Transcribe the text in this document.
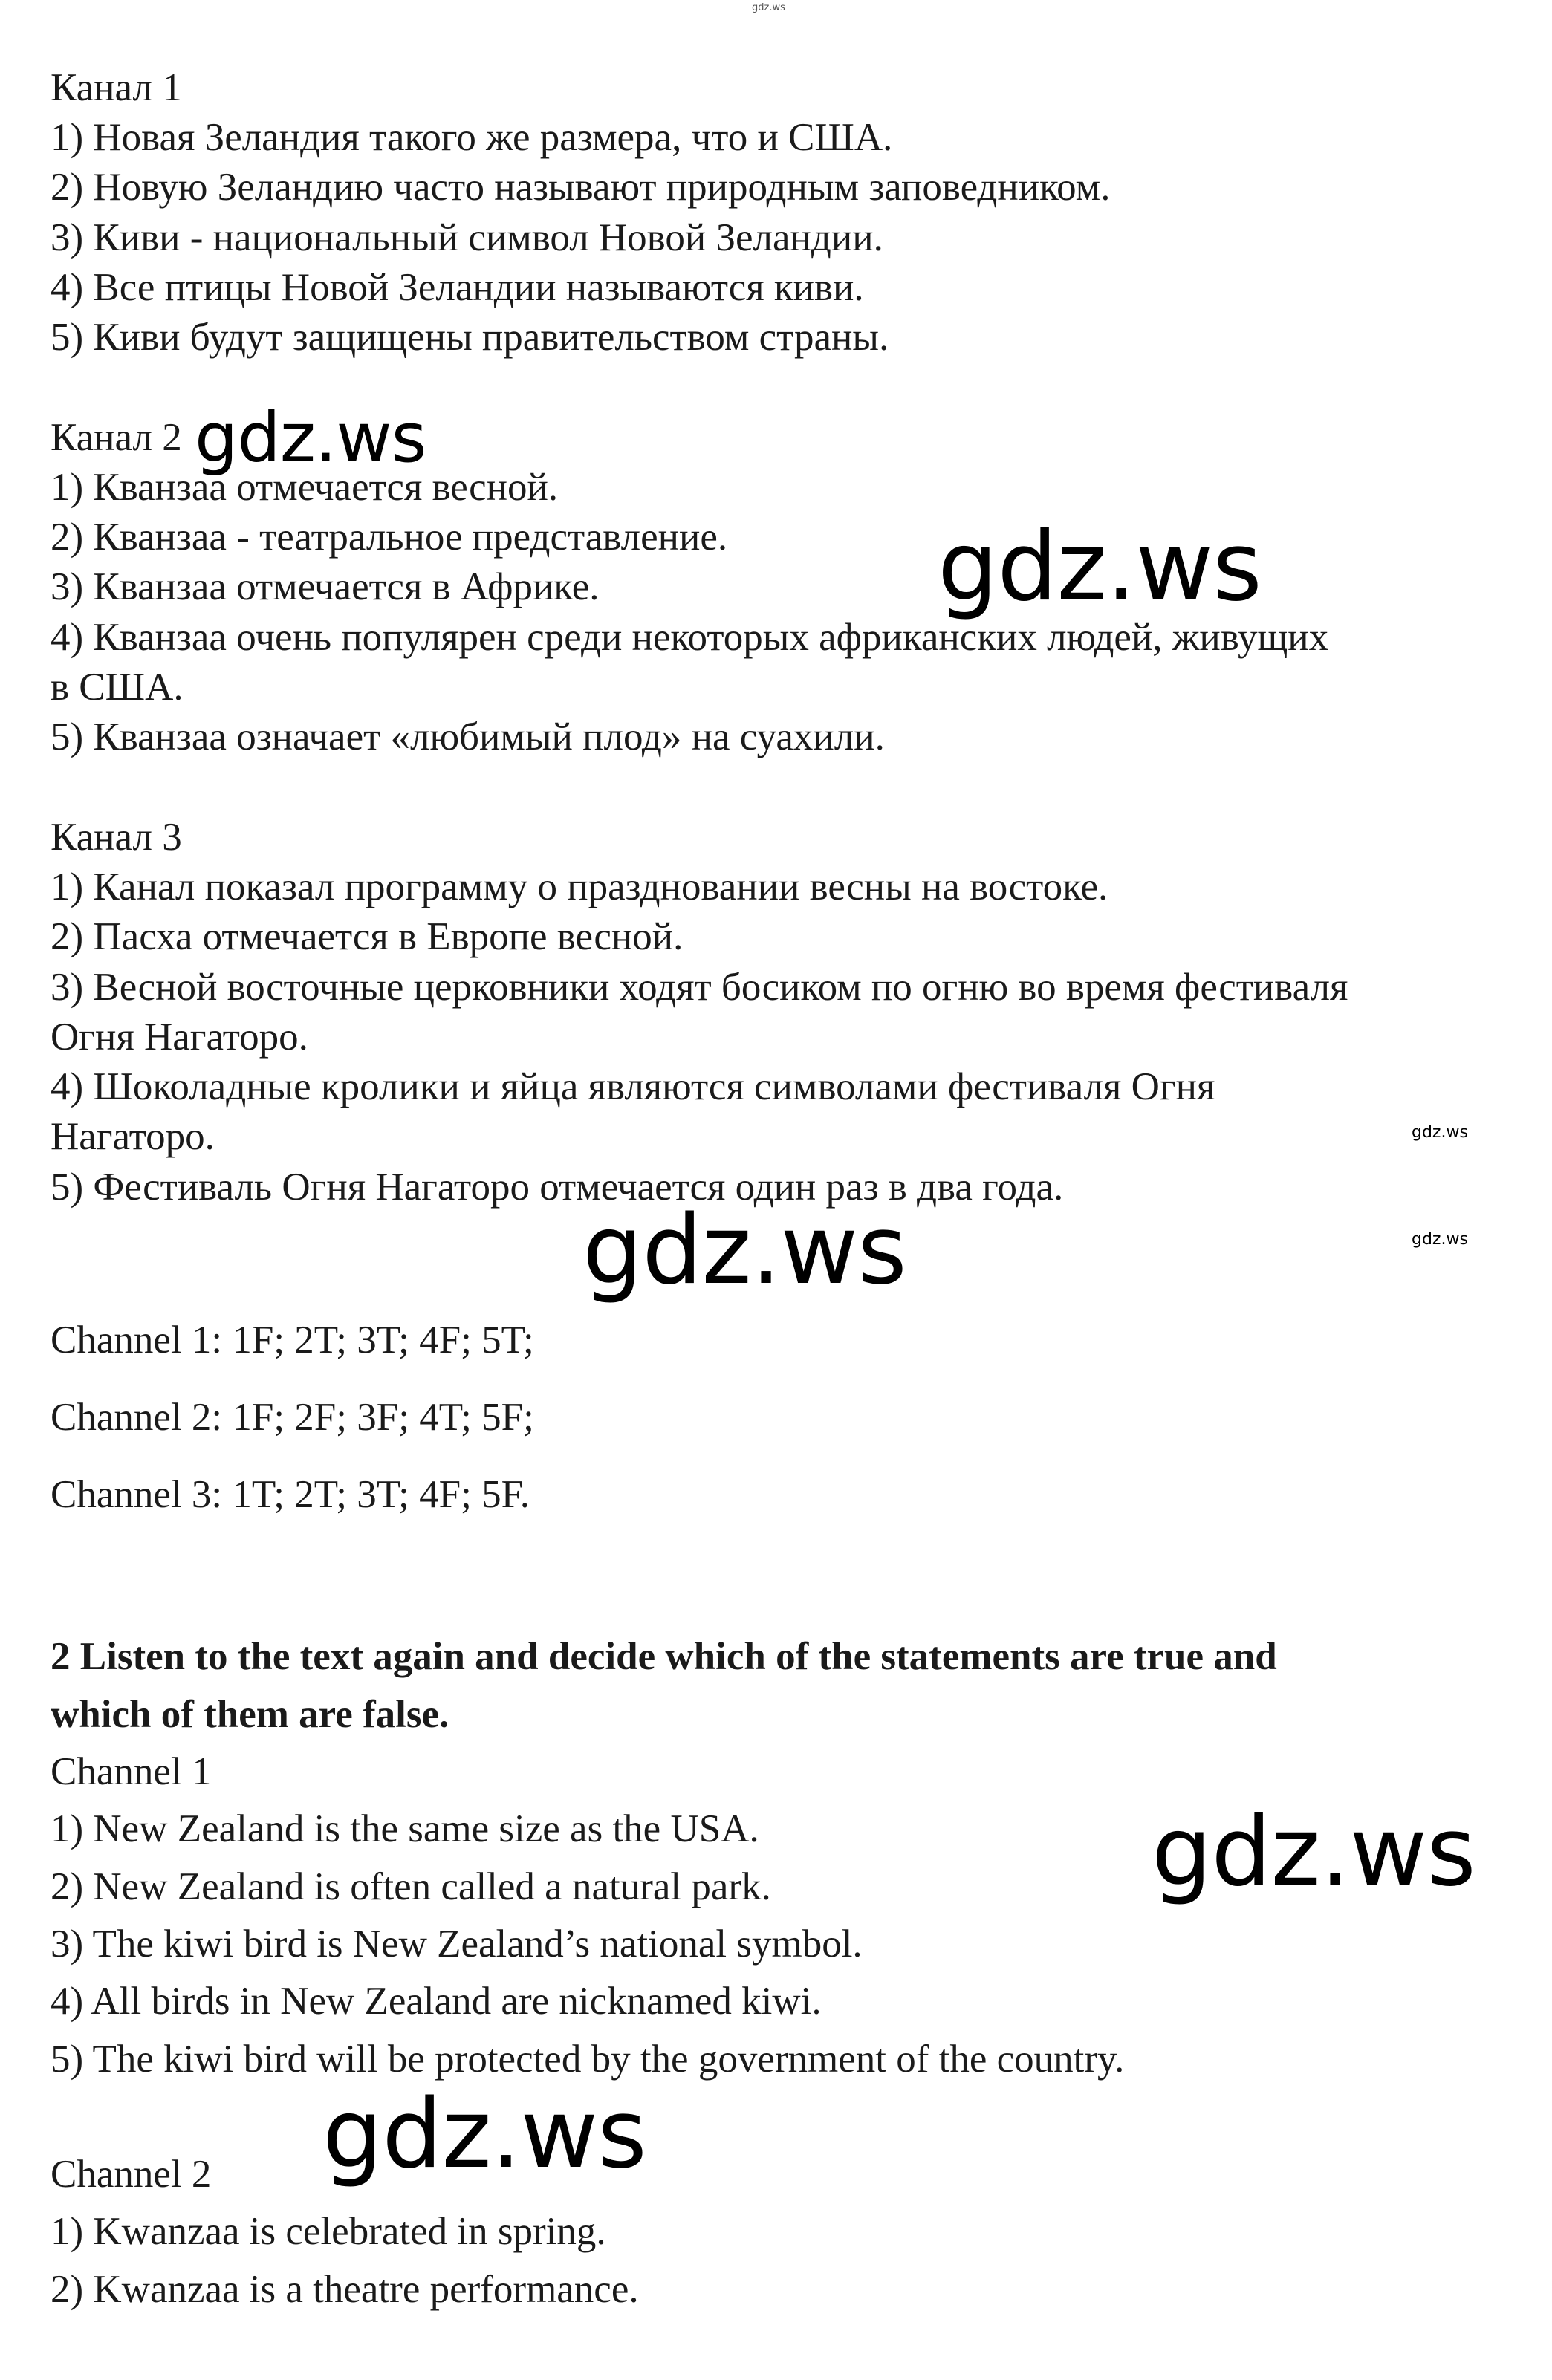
gdz.ws
Канал 1
1) Новая Зеландия такого же размера, что и США.
2) Новую Зеландию часто называют природным заповедником.
3) Киви - национальный символ Новой Зеландии.
4) Все птицы Новой Зеландии называются киви.
5) Киви будут защищены правительством страны.
Канал 2 gdz.ws
1) Кванзаа отмечается весной.
2) Кванзаа - театральное представление.
3) Кванзаа отмечается в Африке.	gdz.ws
4) Кванзаа очень популярен среди некоторых африканских людей, живущих
в США.
5) Кванзаа означает «любимый плод» на суахили.
Канал 3
1) Канал показал программу о праздновании весны на востоке.
2) Пасха отмечается в Европе весной.
3) Весной восточные церковники ходят босиком по огню во время фестиваля
Огня Нагаторо.
4) Шоколадные кролики и яйца являются символами фестиваля Огня
Нагаторо.	gdz.ws
5) Фестиваль Огня Нагаторо отмечается один раз в два года.
gdz.ws	gdz.ws
Channel 1: 1F; 2T; 3T; 4F; 5T;
Channel 2: 1F; 2F; 3F; 4T; 5F;
Channel 3: 1T; 2T; 3T; 4F; 5F.
2 Listen to the text again and decide which of the statements are true and
which of them are false.
Channel 1
1) New Zealand is the same size as the USA.	gdz.ws
2) New Zealand is often called a natural park.
3) The kiwi bird is New Zealand’s national symbol.
4) All birds in New Zealand are nicknamed kiwi.
5) The kiwi bird will be protected by the government of the country.
gdz.ws
Channel 2
1) Kwanzaa is celebrated in spring.
2) Kwanzaa is a theatre performance.
